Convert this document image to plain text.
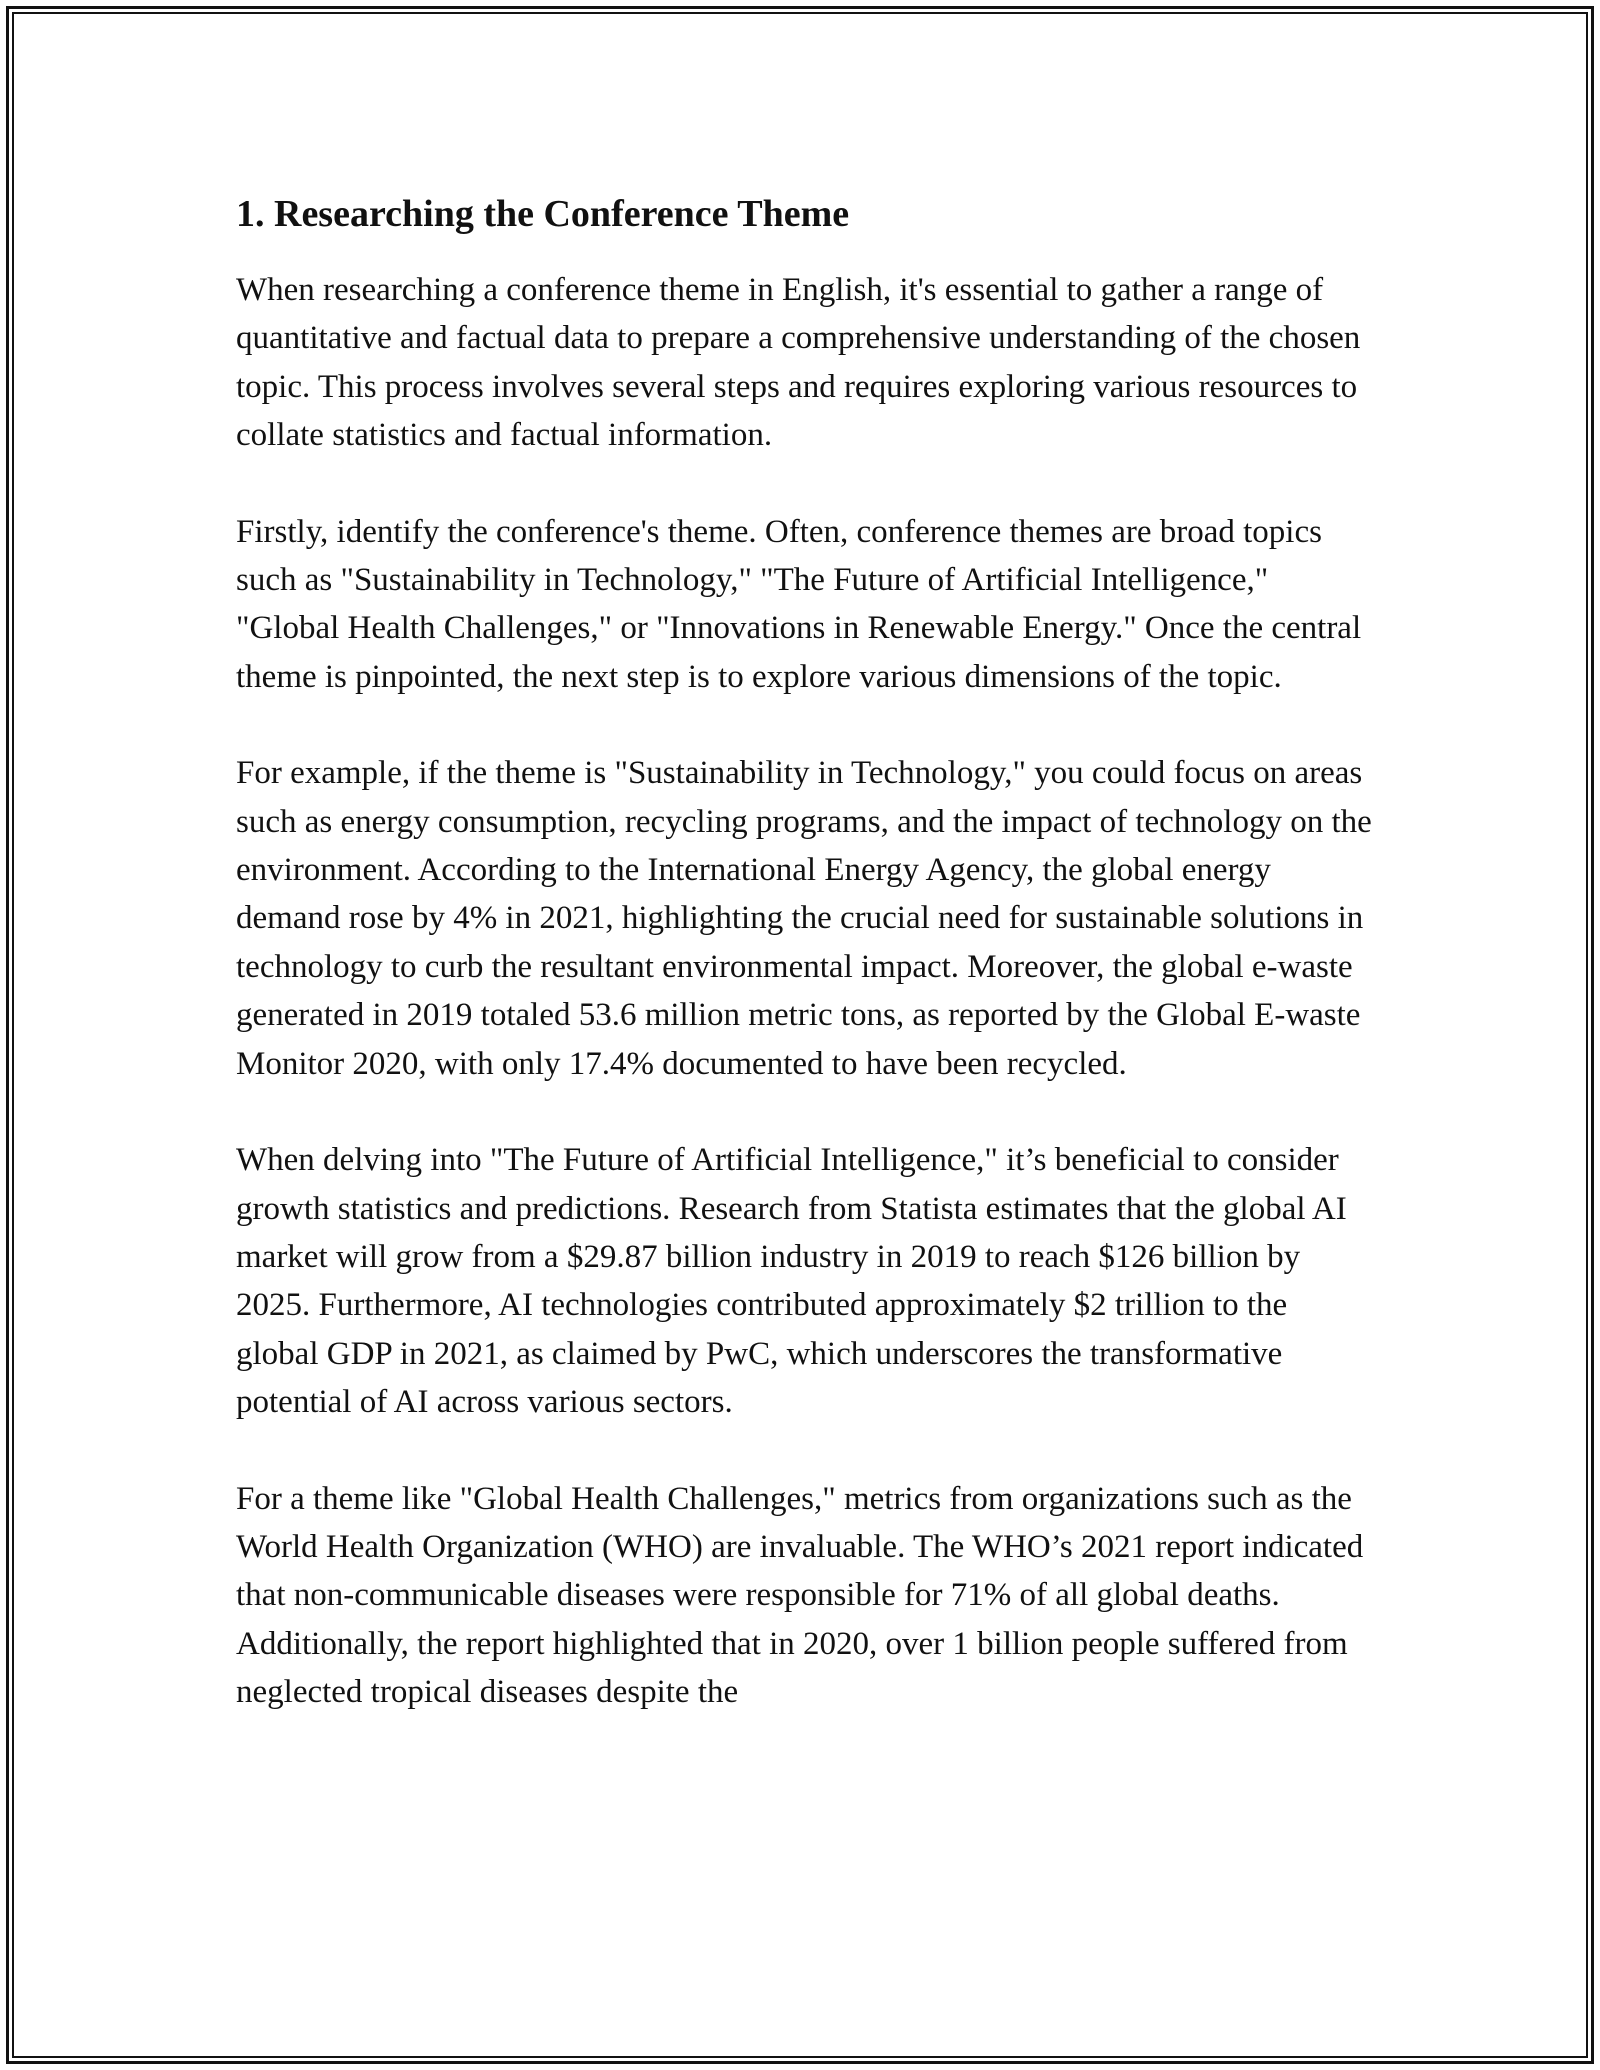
1. Researching the Conference Theme

When researching a conference theme in English, it's essential to gather a range of quantitative and factual data to prepare a comprehensive understanding of the chosen topic. This process involves several steps and requires exploring various resources to collate statistics and factual information.

Firstly, identify the conference's theme. Often, conference themes are broad topics such as "Sustainability in Technology," "The Future of Artificial Intelligence," "Global Health Challenges," or "Innovations in Renewable Energy." Once the central theme is pinpointed, the next step is to explore various dimensions of the topic.

For example, if the theme is "Sustainability in Technology," you could focus on areas such as energy consumption, recycling programs, and the impact of technology on the environment. According to the International Energy Agency, the global energy demand rose by 4% in 2021, highlighting the crucial need for sustainable solutions in technology to curb the resultant environmental impact. Moreover, the global e-waste generated in 2019 totaled 53.6 million metric tons, as reported by the Global E-waste Monitor 2020, with only 17.4% documented to have been recycled.

When delving into "The Future of Artificial Intelligence," it’s beneficial to consider growth statistics and predictions. Research from Statista estimates that the global AI market will grow from a $29.87 billion industry in 2019 to reach $126 billion by 2025. Furthermore, AI technologies contributed approximately $2 trillion to the global GDP in 2021, as claimed by PwC, which underscores the transformative potential of AI across various sectors.

For a theme like "Global Health Challenges," metrics from organizations such as the World Health Organization (WHO) are invaluable. The WHO’s 2021 report indicated that non-communicable diseases were responsible for 71% of all global deaths. Additionally, the report highlighted that in 2020, over 1 billion people suffered from neglected tropical diseases despite the
